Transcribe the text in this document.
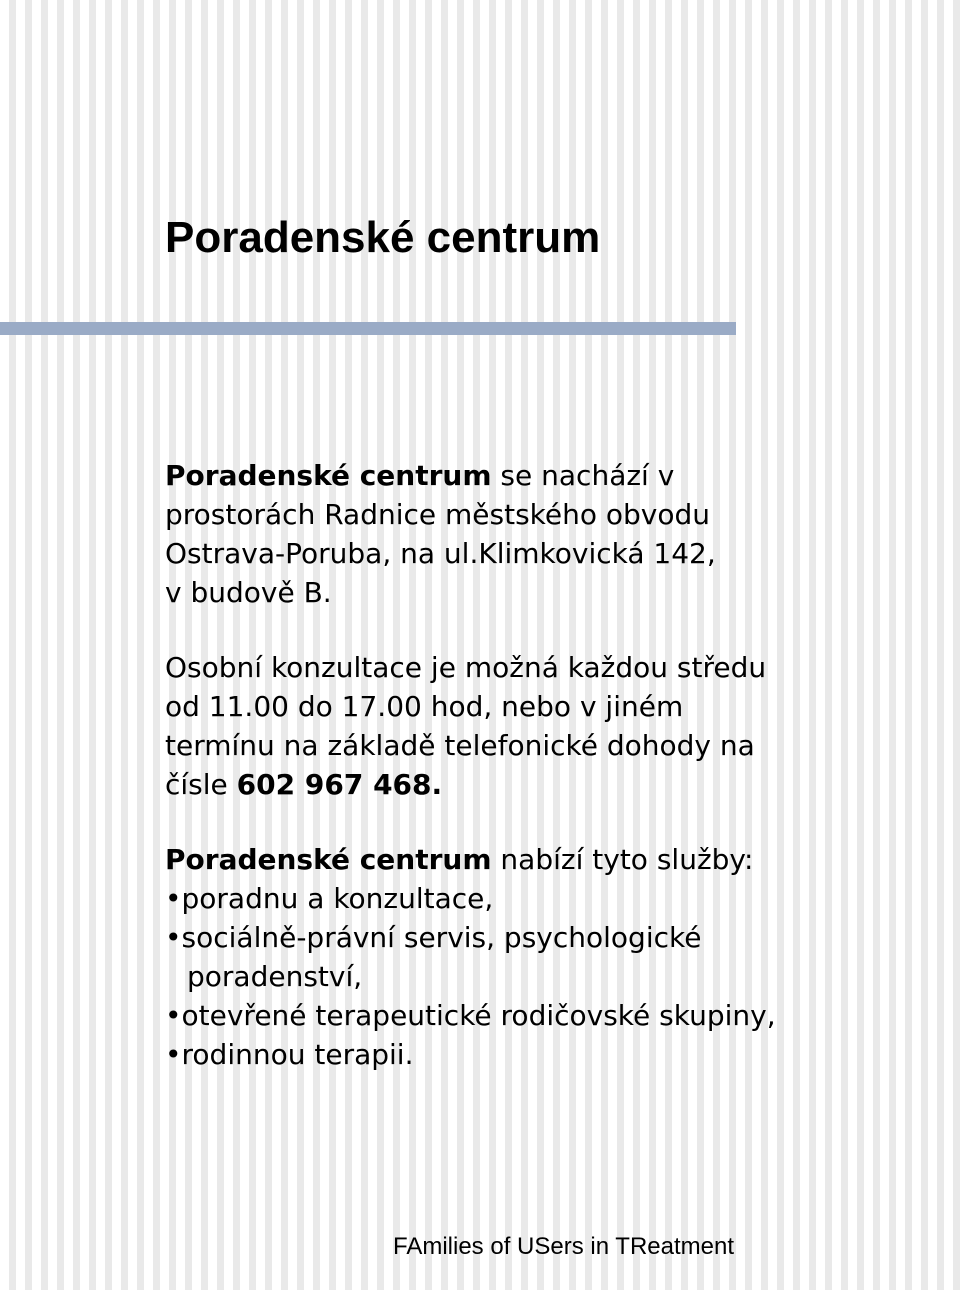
Poradenské centrum

Poradenské centrum se nachází v
prostorách Radnice městského obvodu
Ostrava-Poruba, na ul.Klimkovická 142,
v budově B.

Osobní konzultace je možná každou středu
od 11.00 do 17.00 hod, nebo v jiném
termínu na základě telefonické dohody na
čísle 602 967 468.

Poradenské centrum nabízí tyto služby:
•poradnu a konzultace,
•sociálně-právní servis, psychologické
poradenství,
•otevřené terapeutické rodičovské skupiny,
•rodinnou terapii.
FAmilies of USers in TReatment
